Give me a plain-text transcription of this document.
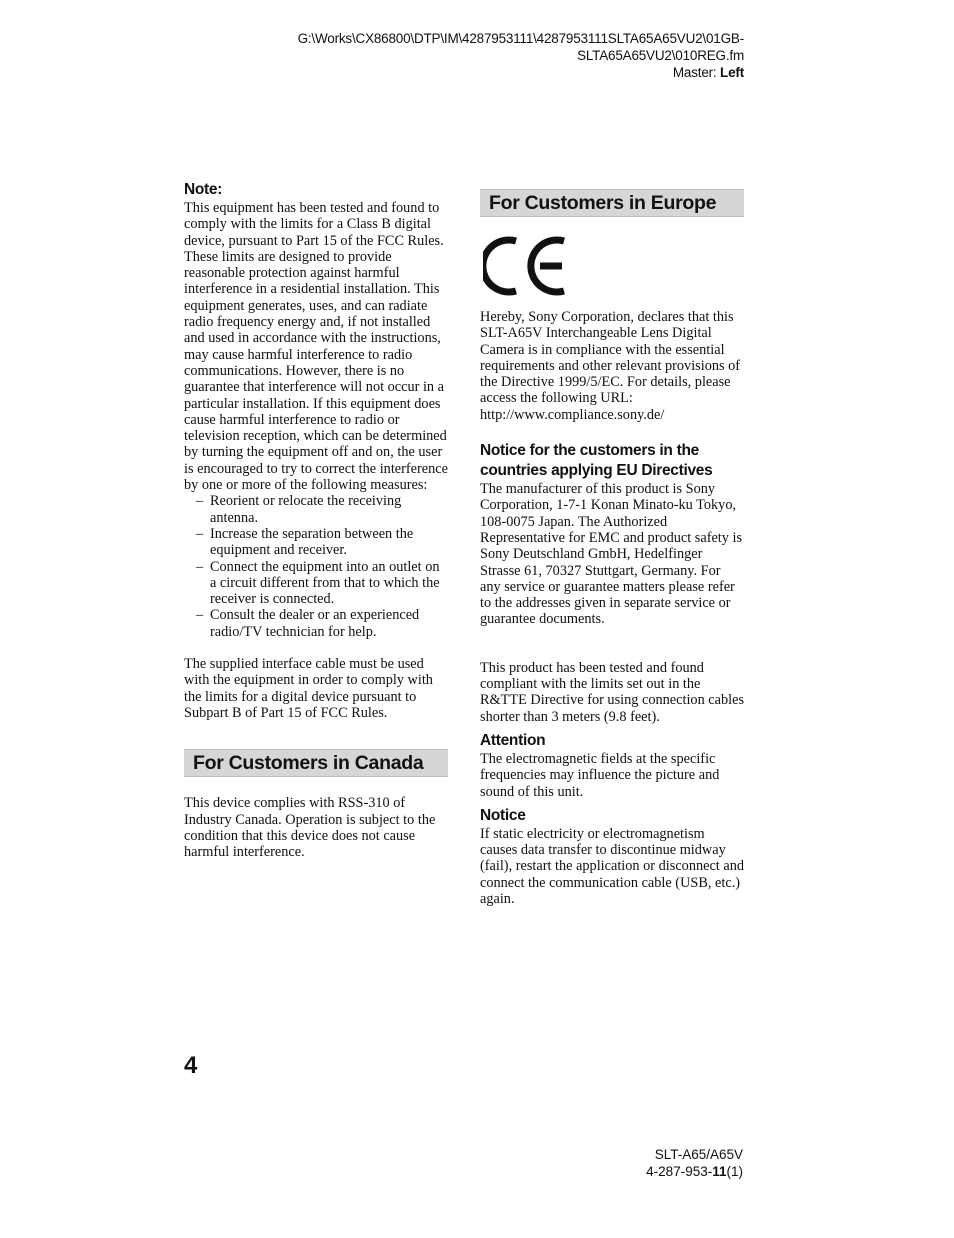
G:\Works\CX86800\DTP\IM\4287953111\4287953111SLTA65A65VU2\01GB-
SLTA65A65VU2\010REG.fm
Master: Left

Note:

This equipment has been tested and found to comply with the limits for a Class B digital device, pursuant to Part 15 of the FCC Rules.

These limits are designed to provide reasonable protection against harmful interference in a residential installation. This equipment generates, uses, and can radiate radio frequency energy and, if not installed and used in accordance with the instructions, may cause harmful interference to radio communications. However, there is no guarantee that interference will not occur in a particular installation. If this equipment does cause harmful interference to radio or television reception, which can be determined by turning the equipment off and on, the user is encouraged to try to correct the interference by one or more of the following measures:

– Reorient or relocate the receiving antenna.
– Increase the separation between the equipment and receiver.
– Connect the equipment into an outlet on a circuit different from that to which the receiver is connected.
– Consult the dealer or an experienced radio/TV technician for help.

The supplied interface cable must be used with the equipment in order to comply with the limits for a digital device pursuant to Subpart B of Part 15 of FCC Rules.

For Customers in Canada

This device complies with RSS-310 of Industry Canada. Operation is subject to the condition that this device does not cause harmful interference.

For Customers in Europe

Hereby, Sony Corporation, declares that this SLT-A65V Interchangeable Lens Digital Camera is in compliance with the essential requirements and other relevant provisions of the Directive 1999/5/EC. For details, please access the following URL:

http://www.compliance.sony.de/

Notice for the customers in the countries applying EU Directives

The manufacturer of this product is Sony Corporation, 1-7-1 Konan Minato-ku Tokyo, 108-0075 Japan. The Authorized Representative for EMC and product safety is Sony Deutschland GmbH, Hedelfinger Strasse 61, 70327 Stuttgart, Germany. For any service or guarantee matters please refer to the addresses given in separate service or guarantee documents.

This product has been tested and found compliant with the limits set out in the R&TTE Directive for using connection cables shorter than 3 meters (9.8 feet).

Attention

The electromagnetic fields at the specific frequencies may influence the picture and sound of this unit.

Notice

If static electricity or electromagnetism causes data transfer to discontinue midway (fail), restart the application or disconnect and connect the communication cable (USB, etc.) again.

4
SLT-A65/A65V
4-287-953-11(1)
